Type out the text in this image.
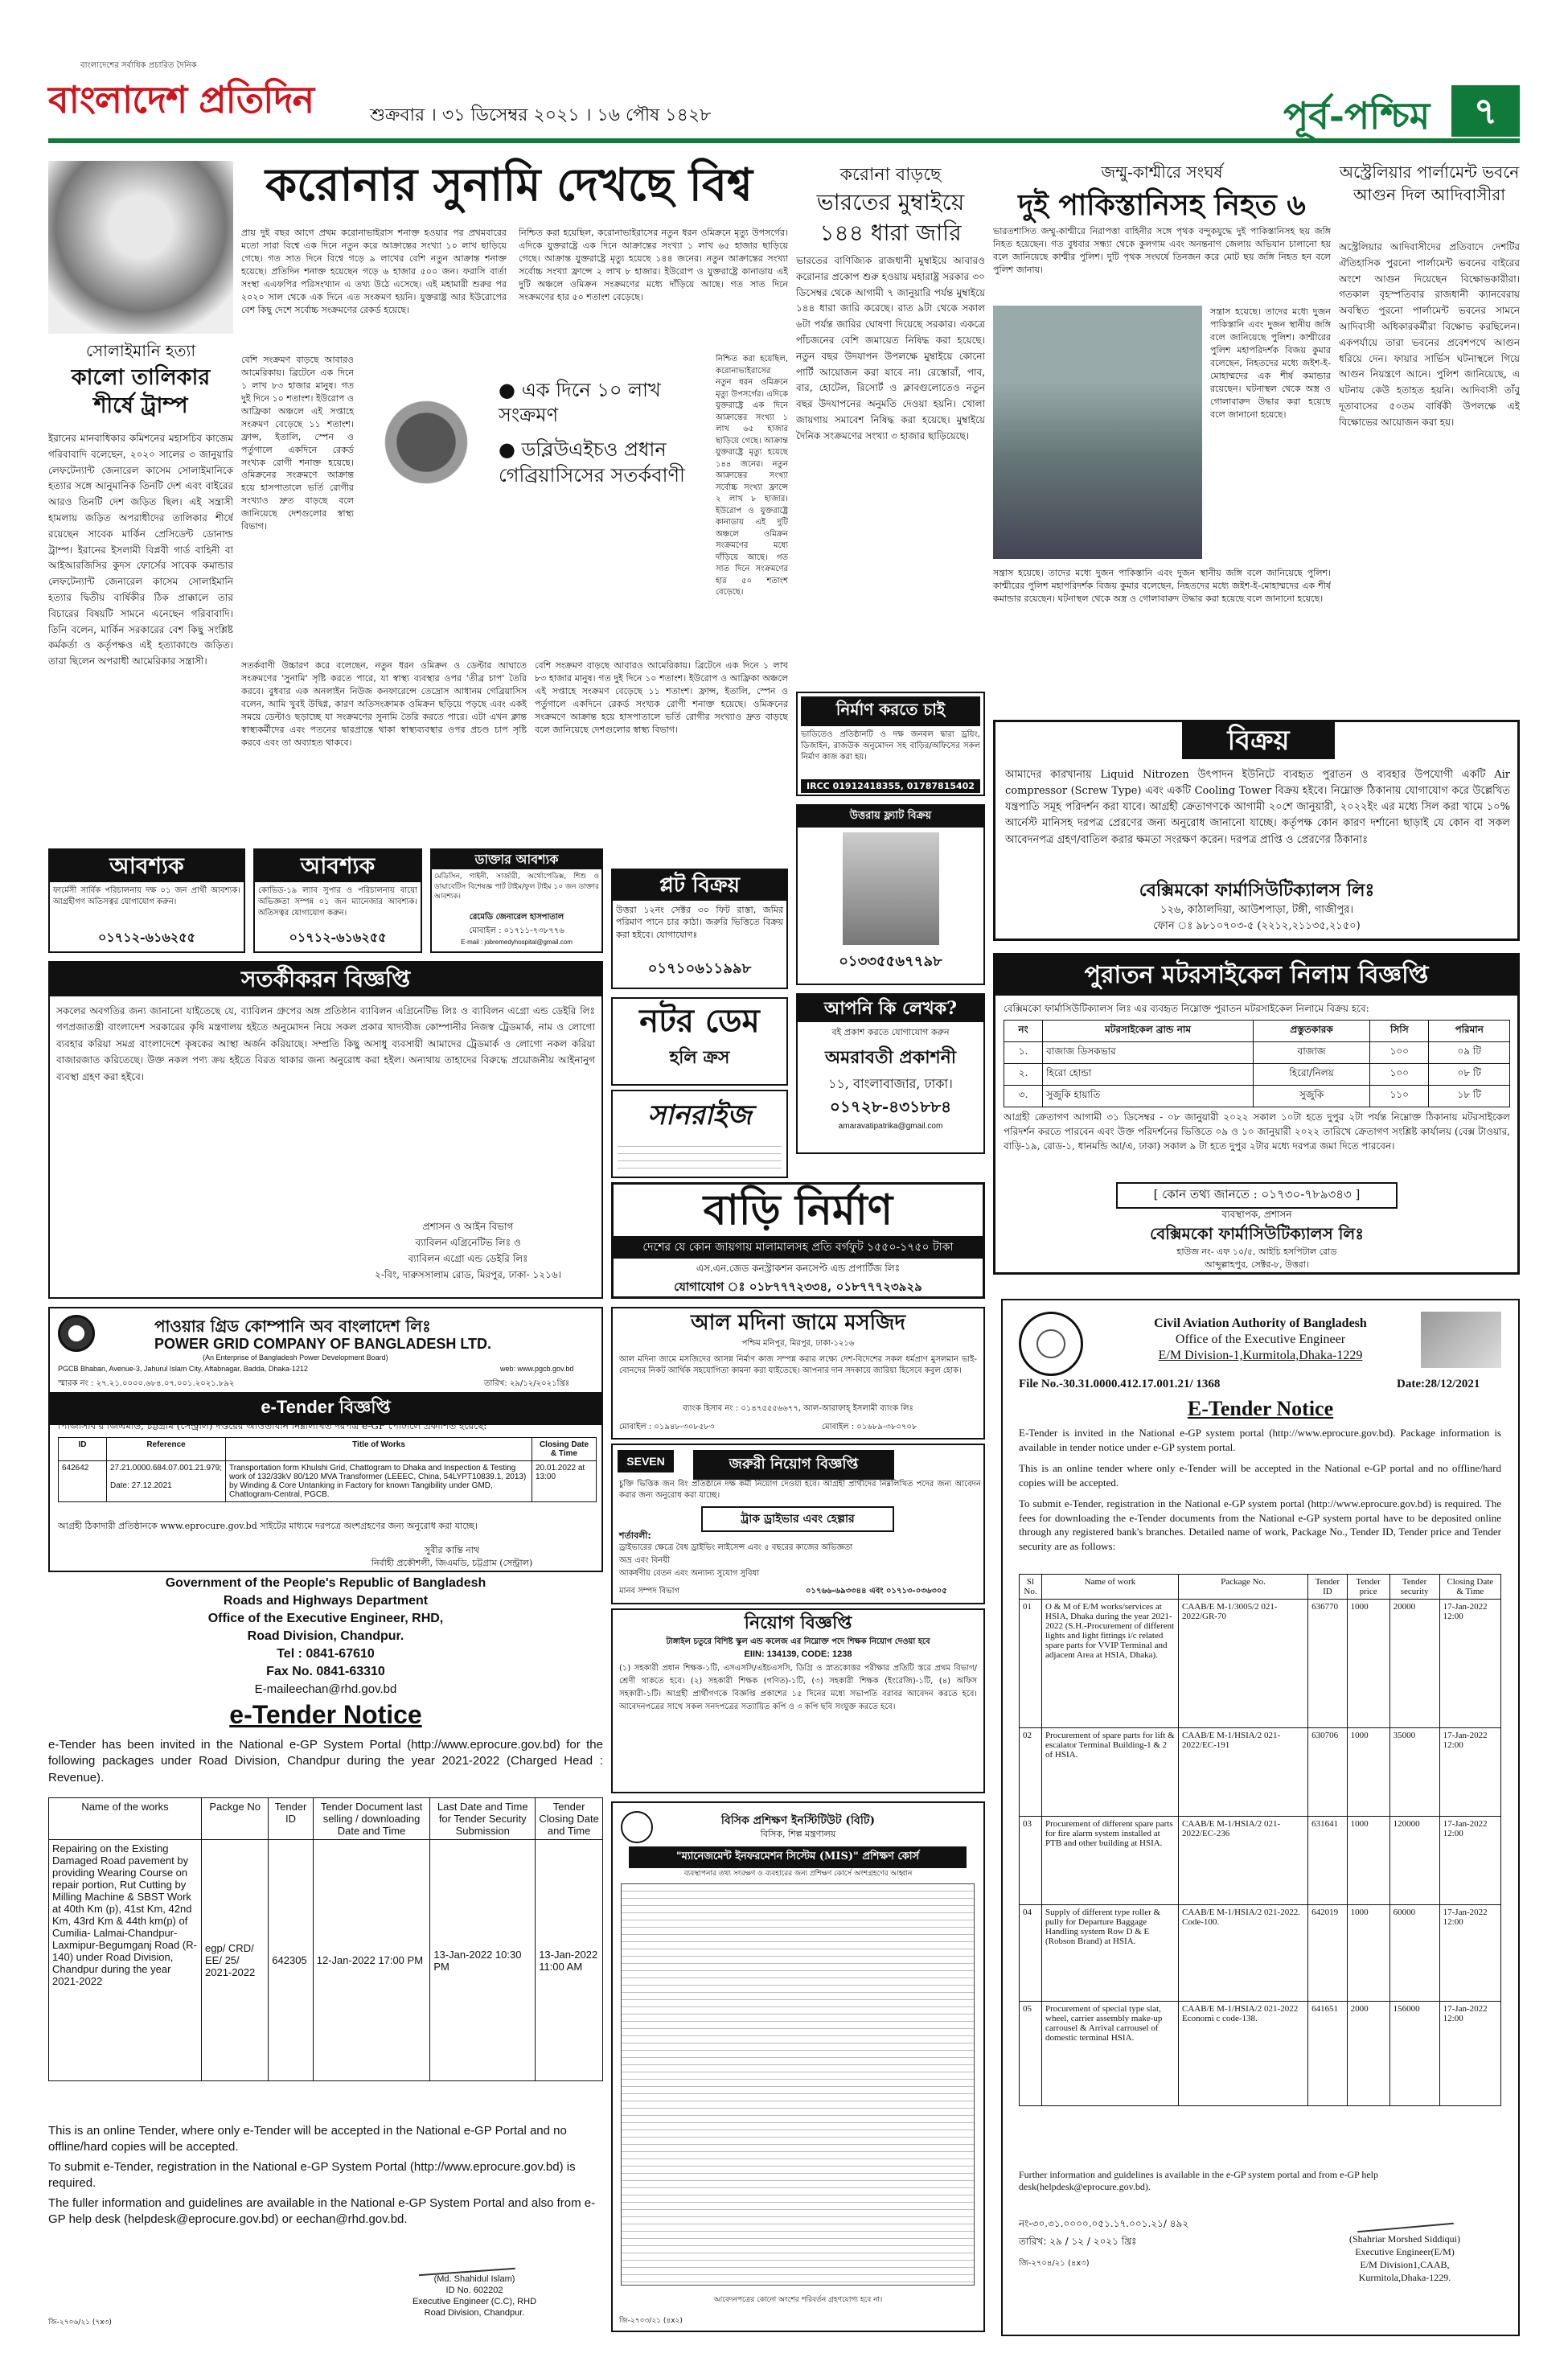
বাংলাদেশের সর্বাধিক প্রচারিত দৈনিক
বাংলাদেশ প্রতিদিন	শুক্রবার । ৩১ ডিসেম্বর ২০২১ । ১৬ পৌষ ১৪২৮	পূর্ব-পশ্চিম	৭
সোলাইমানি হত্যা
কালো তালিকার শীর্ষে ট্রাম্প
ইরানের মানবাধিকার কমিশনের মহাসচিব কাজেম গরিবাবাদি বলেছেন, ২০২০ সালের ৩ জানুয়ারি লেফটেন্যান্ট জেনারেল কাসেম সোলাইমানিকে হত্যার সঙ্গে আনুমানিক তিনটি দেশ এবং বাইরের আরও তিনটি দেশ জড়িত ছিল। এই সন্ত্রাসী হামলায় জড়িত অপরাধীদের তালিকার শীর্ষে রয়েছেন সাবেক মার্কিন প্রেসিডেন্ট ডোনাল্ড ট্রাম্প। ইরানের ইসলামী বিপ্লবী গার্ড বাহিনী বা আইআরজিসির কুদস ফোর্সের সাবেক কমান্ডার লেফটেন্যান্ট জেনারেল কাসেম সোলাইমানি হত্যার দ্বিতীয় বার্ষিকীর ঠিক প্রাক্কালে তার বিচারের বিষয়টি সামনে এনেছেন গরিবাবাদি। তিনি বলেন, মার্কিন সরকারের বেশ কিছু সংশ্লিষ্ট কর্মকর্তা ও কর্তৃপক্ষও এই হত্যাকাণ্ডে জড়িত। তারা ছিলেন অপরাধী আমেরিকার সন্ত্রাসী।
করোনার সুনামি দেখছে বিশ্ব
প্রায় দুই বছর আগে প্রথম করোনাভাইরাস শনাক্ত হওয়ার পর প্রথমবারের মতো সারা বিশ্বে এক দিনে নতুন করে আক্রান্তের সংখ্যা ১০ লাখ ছাড়িয়ে গেছে। গত সাত দিনে বিশ্বে গড়ে ৯ লাখের বেশি নতুন আক্রান্ত শনাক্ত হয়েছে। প্রতিদিন শনাক্ত হয়েছেন গড়ে ৬ হাজার ৫০০ জন। ফরাসি বার্তা সংস্থা এএফপির পরিসংখ্যান এ তথ্য উঠে এসেছে। এই মহামারী শুরুর পর ২০২০ সাল থেকে এক দিনে এত সংক্রমণ হয়নি। যুক্তরাষ্ট্র আর ইউরোপের বেশ কিছু দেশে সর্বোচ্চ সংক্রমণের রেকর্ড হয়েছে।
নিশ্চিত করা হয়েছিল, করোনাভাইরাসের নতুন ধরন ওমিক্রনে মৃত্যু উপসর্গের। এদিকে যুক্তরাষ্ট্রে এক দিনে আক্রান্তের সংখ্যা ১ লাখ ৬৫ হাজার ছাড়িয়ে গেছে। আক্রান্ত যুক্তরাষ্ট্রে মৃত্যু হয়েছে ১৪৪ জনের। নতুন আক্রান্তের সংখ্যা সর্বোচ্চ সংখ্যা ফ্রান্সে ২ লাখ ৮ হাজার। ইউরোপ ও যুক্তরাষ্ট্রে কানাডায় এই দুটি অঞ্চলে ওমিক্রন সংক্রমণের মধ্যে দাঁড়িয়ে আছে। গত সাত দিনে সংক্রমণের হার ৫০ শতাংশ বেড়েছে।
বেশি সংক্রমণ বাড়ছে আবারও আমেরিকায়। ব্রিটেনে এক দিনে ১ লাখ ৮৩ হাজার মানুষ। গত দুই দিনে ১০ শতাংশ। ইউরোপ ও আফ্রিকা অঞ্চলে এই সপ্তাহে সংক্রমণ বেড়েছে ১১ শতাংশ। ফ্রান্স, ইতালি, স্পেন ও পর্তুগালে একদিনে রেকর্ড সংখ্যক রোগী শনাক্ত হয়েছে। ওমিক্রনের সংক্রমণে আক্রান্ত হয়ে হাসপাতালে ভর্তি রোগীর সংখ্যাও দ্রুত বাড়ছে বলে জানিয়েছে দেশগুলোর স্বাস্থ্য বিভাগ।
● এক দিনে ১০ লাখ সংক্রমণ
● ডব্লিউএইচও প্রধান গেব্রিয়াসিসের সতর্কবাণী
নিশ্চিত করা হয়েছিল, করোনাভাইরাসের নতুন ধরন ওমিক্রনে মৃত্যু উপসর্গের। এদিকে যুক্তরাষ্ট্রে এক দিনে আক্রান্তের সংখ্যা ১ লাখ ৬৫ হাজার ছাড়িয়ে গেছে। আক্রান্ত যুক্তরাষ্ট্রে মৃত্যু হয়েছে ১৪৪ জনের। নতুন আক্রান্তের সংখ্যা সর্বোচ্চ সংখ্যা ফ্রান্সে ২ লাখ ৮ হাজার। ইউরোপ ও যুক্তরাষ্ট্রে কানাডায় এই দুটি অঞ্চলে ওমিক্রন সংক্রমণের মধ্যে দাঁড়িয়ে আছে। গত সাত দিনে সংক্রমণের হার ৫০ শতাংশ বেড়েছে।
সতর্কবাণী উচ্চারণ করে বলেছেন, নতুন ধরন ওমিক্রন ও ডেল্টার আঘাতে সংক্রমণের 'সুনামি' সৃষ্টি করতে পারে, যা স্বাস্থ্য ব্যবস্থার ওপর 'তীব্র চাপ' তৈরি করবে। বুধবার এক অনলাইন নিউজ কনফারেন্সে তেদ্রোস আধানম গেব্রিয়াসিস বলেন, আমি খুবই উদ্বিগ্ন, কারণ অতিসংক্রামক ওমিক্রন ছড়িয়ে পড়ছে এবং একই সময়ে ডেল্টাও ছড়াচ্ছে যা সংক্রমণের সুনামি তৈরি করতে পারে। এটা এখন ক্লান্ত স্বাস্থ্যকর্মীদের এবং পতনের দ্বারপ্রান্তে থাকা স্বাস্থ্যব্যবস্থার ওপর প্রচণ্ড চাপ সৃষ্টি করবে এবং তা অব্যাহত থাকবে।
বেশি সংক্রমণ বাড়ছে আবারও আমেরিকায়। ব্রিটেনে এক দিনে ১ লাখ ৮৩ হাজার মানুষ। গত দুই দিনে ১০ শতাংশ। ইউরোপ ও আফ্রিকা অঞ্চলে এই সপ্তাহে সংক্রমণ বেড়েছে ১১ শতাংশ। ফ্রান্স, ইতালি, স্পেন ও পর্তুগালে একদিনে রেকর্ড সংখ্যক রোগী শনাক্ত হয়েছে। ওমিক্রনের সংক্রমণে আক্রান্ত হয়ে হাসপাতালে ভর্তি রোগীর সংখ্যাও দ্রুত বাড়ছে বলে জানিয়েছে দেশগুলোর স্বাস্থ্য বিভাগ।
করোনা বাড়ছে
ভারতের মুম্বাইয়ে
১৪৪ ধারা জারি
ভারতের বাণিজ্যিক রাজধানী মুম্বাইয়ে আবারও করোনার প্রকোপ শুরু হওয়ায় মহারাষ্ট্র সরকার ৩০ ডিসেম্বর থেকে আগামী ৭ জানুয়ারি পর্যন্ত মুম্বাইয়ে ১৪৪ ধারা জারি করেছে। রাত ৯টা থেকে সকাল ৬টা পর্যন্ত জারির ঘোষণা দিয়েছে সরকার। একত্রে পাঁচজনের বেশি জমায়েত নিষিদ্ধ করা হয়েছে। নতুন বছর উদযাপন উপলক্ষে মুম্বাইয়ে কোনো পার্টি আয়োজন করা যাবে না। রেস্তোরাঁ, পাব, বার, হোটেল, রিসোর্ট ও ক্লাবগুলোতেও নতুন বছর উদযাপনের অনুমতি দেওয়া হয়নি। খোলা জায়গায় সমাবেশ নিষিদ্ধ করা হয়েছে। মুম্বাইয়ে দৈনিক সংক্রমণের সংখ্যা ৩ হাজার ছাড়িয়েছে।
নির্মাণ করতে চাই
ভাডিতেও প্রতিষ্ঠানটি ও দক্ষ জনবল দ্বারা ড্রয়িং, ডিজাইন, রাজউক অনুমোদন সহ বাড়ির/অফিসের সকল নির্মাণ কাজ করা হয়।
IRCC 01912418355, 01787815402
জম্মু-কাশ্মীরে সংঘর্ষ
দুই পাকিস্তানিসহ নিহত ৬
ভারতশাসিত জম্মু-কাশ্মীরে নিরাপত্তা বাহিনীর সঙ্গে পৃথক বন্দুকযুদ্ধে দুই পাকিস্তানিসহ ছয় জঙ্গি নিহত হয়েছেন। গত বুধবার সন্ধ্যা থেকে কুলগাম এবং অনন্তনাগ জেলায় অভিযান চালানো হয় বলে জানিয়েছে কাশ্মীর পুলিশ। দুটি পৃথক সংঘর্ষে তিনজন করে মোট ছয় জঙ্গি নিহত হন বলে পুলিশ জানায়।
সন্ত্রাস হয়েছে। তাদের মধ্যে দুজন পাকিস্তানি এবং দুজন স্থানীয় জঙ্গি বলে জানিয়েছে পুলিশ। কাশ্মীরের পুলিশ মহাপরিদর্শক বিজয় কুমার বলেছেন, নিহতদের মধ্যে জইশ-ই-মোহাম্মদের এক শীর্ষ কমান্ডার রয়েছেন। ঘটনাস্থল থেকে অস্ত্র ও গোলাবারুদ উদ্ধার করা হয়েছে বলে জানানো হয়েছে।
সন্ত্রাস হয়েছে। তাদের মধ্যে দুজন পাকিস্তানি এবং দুজন স্থানীয় জঙ্গি বলে জানিয়েছে পুলিশ। কাশ্মীরের পুলিশ মহাপরিদর্শক বিজয় কুমার বলেছেন, নিহতদের মধ্যে জইশ-ই-মোহাম্মদের এক শীর্ষ কমান্ডার রয়েছেন। ঘটনাস্থল থেকে অস্ত্র ও গোলাবারুদ উদ্ধার করা হয়েছে বলে জানানো হয়েছে।
অস্ট্রেলিয়ার পার্লামেন্ট ভবনে আগুন দিল আদিবাসীরা
অস্ট্রেলিয়ার আদিবাসীদের প্রতিবাদে দেশটির ঐতিহাসিক পুরনো পার্লামেন্ট ভবনের বাইরের অংশে আগুন দিয়েছেন বিক্ষোভকারীরা। গতকাল বৃহস্পতিবার রাজধানী ক্যানবেরায় অবস্থিত পুরনো পার্লামেন্ট ভবনের সামনে আদিবাসী অধিকারকর্মীরা বিক্ষোভ করছিলেন। একপর্যায়ে তারা ভবনের প্রবেশপথে আগুন ধরিয়ে দেন। ফায়ার সার্ভিস ঘটনাস্থলে গিয়ে আগুন নিয়ন্ত্রণে আনে। পুলিশ জানিয়েছে, এ ঘটনায় কেউ হতাহত হয়নি। আদিবাসী তাঁবু দূতাবাসের ৫০তম বার্ষিকী উপলক্ষে এই বিক্ষোভের আয়োজন করা হয়।
বিক্রয়
আমাদের কারখানায় Liquid Nitrozen উৎপাদন ইউনিটে ব্যবহৃত পুরাতন ও ব্যবহার উপযোগী একটি Air compressor (Screw Type) এবং একটি Cooling Tower বিক্রয় হইবে। নিম্নোক্ত ঠিকানায় যোগাযোগ করে উল্লেখিত যন্ত্রপাতি সমূহ পরিদর্শন করা যাবে। আগ্রহী ক্রেতাগণকে আগামী ২০শে জানুয়ারী, ২০২২ইং এর মধ্যে সিল করা খামে ১০% আর্নেস্ট মানিসহ দরপত্র প্রেরণের জন্য অনুরোধ জানানো যাচ্ছে। কর্তৃপক্ষ কোন কারণ দর্শানো ছাড়াই যে কোন বা সকল আবেদনপত্র গ্রহণ/বাতিল করার ক্ষমতা সংরক্ষণ করেন। দরপত্র প্রাপ্তি ও প্রেরণের ঠিকানাঃ
বেক্সিমকো ফার্মাসিউটিক্যালস লিঃ
১২৬, কাঠালদিয়া, আউশপাড়া, টঙ্গী, গাজীপুর।
ফোন ঃ ৯৮১০৭০৩-৫ (২২১২,২১১৩৫,২১৫০)
পুরাতন মটরসাইকেল নিলাম বিজ্ঞপ্তি
বেক্সিমকো ফার্মাসিউটিক্যালস লিঃ এর ব্যবহৃত নিম্নোক্ত পুরাতন মটরসাইকেল নিলামে বিক্রয় হবে:
নং	মটরসাইকেল ব্রান্ড নাম	প্রস্তুতকারক	সিসি	পরিমান
১.	বাজাজ ডিসকভার	বাজাজ	১০০	০৯ টি
২.	হিরো হোন্ডা	হিরো/নিলয়	১০০	০৮ টি
৩.	সুজুকি হায়াতি	সুজুকি	১১০	১৮ টি
আগ্রহী ক্রেতাগণ আগামী ৩১ ডিসেম্বর - ০৮ জানুয়ারী ২০২২ সকাল ১০টা হতে দুপুর ২টা পর্যন্ত নিম্নোক্ত ঠিকানায় মটরসাইকেল পরিদর্শন করতে পারবেন এবং উক্ত পরিদর্শনের ভিত্তিতে ০৯ ও ১০ জানুয়ারী ২০২২ তারিখে ক্রেতাগণ সংশ্লিষ্ট কার্যালয় (বেক্স টাওয়ার, বাড়ি-১৯, রোড-১, ধানমন্ডি আ/এ, ঢাকা) সকাল ৯ টা হতে দুপুর ২টার মধ্যে দরপত্র জমা দিতে পারবেন।
[ কোন তথ্য জানতে : ০১৭৩০-৭৮৯৩৪৩ ]
ব্যবস্থাপক, প্রশাসন
বেক্সিমকো ফার্মাসিউটিক্যালস লিঃ
হাউজ নং- এফ ১০/৫, আইচি হসপিটাল রোড
আব্দুল্লাহপুর, সেক্টর-৮, উত্তরা।
আবশ্যক
ফার্মেসী সার্বিক পরিচালনায় দক্ষ ০১ জন প্রার্থী আবশ্যক। আগ্রহীগণ অতিসত্বর যোগাযোগ করুন।
০১৭১২-৬১৬২৫৫
আবশ্যক
কোভিড-১৯ ল্যাব সুপার ও পরিচালনায় বায়ো অভিজ্ঞতা সম্পন্ন ০১ জন ম্যানেজার আবশ্যক। অতিসত্বর যোগাযোগ করুন।
০১৭১২-৬১৬২৫৫
ডাক্তার আবশ্যক
মেডিসিন, গাইনী, সার্জারী, অর্থোপেডিক্স, শিশু ও ডায়াবেটিস বিশেষজ্ঞ পার্ট টাইম/ফুল টাইম ১০ জন ডাক্তার আবশ্যক।
রেমেডি জেনারেল হাসপাতাল
মোবাইল : ০১৭১১-৭৩৮৭৭৬
E-mail : jobremedyhospital@gmail.com
প্লট বিক্রয়
উত্তরা ১২নং সেক্টর ৩০ ফিট রাস্তা, জমির পরিমাণ পানে চার কাঠা। জরুরি ভিত্তিতে বিক্রয় করা হইবে। যোগাযোগঃ
০১৭১০৬১১৯৯৮
উত্তরায় ফ্ল্যাট বিক্রয়
০১৩৩৫৫৬৭৭৯৮
সতর্কীকরন বিজ্ঞপ্তি
সকলের অবগতির জন্য জানানো যাইতেছে যে, ব্যাবিলন গ্রুপের অঙ্গ প্রতিষ্ঠান ব্যাবিলন এগ্রিনেটিভ লিঃ ও ব্যাবিলন এগ্রো এন্ড ডেইরি লিঃ গণপ্রজাতন্ত্রী বাংলাদেশ সরকারের কৃষি মন্ত্রণালয় হইতে অনুমোদন নিয়ে সকল প্রকার খাদ্যবীজ কোম্পানীর নিজস্ব ট্রেডমার্ক, নাম ও লোগো ব্যবহার করিয়া সমগ্র বাংলাদেশে কৃষকের আস্থা অর্জন করিয়াছে। সম্প্রতি কিছু অসাধু ব্যবসায়ী আমাদের ট্রেডমার্ক ও লোগো নকল করিয়া বাজারজাত করিতেছে। উক্ত নকল পণ্য ক্রয় হইতে বিরত থাকার জন্য অনুরোধ করা হইল। অন্যথায় তাহাদের বিরুদ্ধে প্রয়োজনীয় আইনানুগ ব্যবস্থা গ্রহণ করা হইবে।
প্রশাসন ও আইন বিভাগ
ব্যাবিলন এগ্রিনেটিভ লিঃ ও
ব্যাবিলন এগ্রো এন্ড ডেইরি লিঃ
২-বিং, দারুসসালাম রোড, মিরপুর, ঢাকা- ১২১৬।
নটর ডেম
হলি ক্রস
সানরাইজ
আপনি কি লেখক?
বই প্রকাশ করতে যোগাযোগ করুন
অমরাবতী প্রকাশনী
১১, বাংলাবাজার, ঢাকা।
০১৭২৮-৪৩১৮৮৪
amaravatipatrika@gmail.com
বাড়ি নির্মাণ
দেশের যে কোন জায়গায় মালামালসহ প্রতি বর্গফুট ১৫৫০-১৭৫০ টাকা
এস.এন.জেড কনস্ট্রাকশন কনসেপ্ট এন্ড প্রপার্টিজ লিঃ
যোগাযোগ ঃ ০১৮৭৭৭২৩৩৪, ০১৮৭৭৭২৩৯২৯
পাওয়ার গ্রিড কোম্পানি অব বাংলাদেশ লিঃ
POWER GRID COMPANY OF BANGLADESH LTD.
(An Enterprise of Bangladesh Power Development Board)
PGCB Bhaban, Avenue-3, Jahurul Islam City, Aftabnagar, Badda, Dhaka-1212	web: www.pgcb.gov.bd
স্মারক নং : ২৭.২১.০০০০.৬৮৪.০৭.০০১.২০২১.৮৯২	তারিখ: ২৯/১২/২০২১খ্রিঃ
e-Tender বিজ্ঞপ্তি
পিজিসিবি'র জিএমডি, চট্টগ্রাম (সেন্ট্রাল) দপ্তরের আওতাধীন নিম্নলিখিত দরপত্র e-GP পোর্টালে প্রকাশিত হয়েছে:
ID	Reference	Title of Works	Closing Date & Time
642642	27.21.0000.684.07.001.21.979;

Date: 27.12.2021	Transportation form Khulshi Grid, Chattogram to Dhaka and Inspection & Testing work of 132/33kV 80/120 MVA Transformer (LEEEC, China, 54LYPT10839.1, 2013) by Winding & Core Untanking in Factory for known Tangibility under GMD, Chattogram-Central, PGCB.	20.01.2022 at 13:00
আগ্রহী ঠিকাদারী প্রতিষ্ঠানকে www.eprocure.gov.bd সাইটের মাধ্যমে দরপত্রে অংশগ্রহণের জন্য অনুরোধ করা যাচ্ছে।
সুবীর কান্তি নাথ
নির্বাহী প্রকৌশলী, জিএমডি, চট্টগ্রাম (সেন্ট্রাল)
আল মদিনা জামে মসজিদ
পশ্চিম মনিপুর, মিরপুর, ঢাকা-১২১৬
আল মদিনা জামে মসজিদের আসন্ন নির্মাণ কাজ সম্পন্ন করার লক্ষ্যে দেশ-বিদেশের সকল ধর্মপ্রাণ মুসলমান ভাই-বোনদের নিকট আর্থিক সহযোগিতা কামনা করা যাইতেছে। আপনার দান সদকায়ে জারিয়া হিসেবে কবুল হোক।
ব্যাংক হিসাব নং : ০১৪৭৫৫৫৬৬৭৭, আল-আরাফাহ্ ইসলামী ব্যাংক লিঃ
মোবাইল : ০১৯৪৮-৩০৮৫৮৩	মোবাইল : ০১৬৮৯-৩৮০৭০৮
SEVEN	জরুরী নিয়োগ বিজ্ঞপ্তি
চুক্তি ভিত্তিক জন বিং প্রতিষ্ঠানে দক্ষ কর্মী নিয়োগ দেওয়া হবে। আগ্রহী প্রার্থীদের নিম্নলিখিত পদের জন্য আবেদন করার জন্য অনুরোধ করা যাচ্ছে।
ট্রাক ড্রাইভার এবং হেল্পার
শর্তাবলী:
ড্রাইভারের ক্ষেত্রে বৈধ ড্রাইভিং লাইসেন্স এবং ৫ বছরের কাজের অভিজ্ঞতা
অভ্র এবং বিনয়ী
আকর্ষণীয় বেতন এবং অন্যান্য সুযোগ সুবিধা
মানব সম্পদ বিভাগ	০১৭৬৬-৬৯৩৩৪৪ এবং ০১৭১৩-০৩৬৩০৫
নিয়োগ বিজ্ঞপ্তি
টাঙ্গাইল চতুরে বিশিষ্ট স্কুল এন্ড কলেজ এর নিম্নোক্ত পদে শিক্ষক নিয়োগ দেওয়া হবে
EIIN: 134139, CODE: 1238
(১) সহকারী প্রধান শিক্ষক-১টি, এসএসসি/এইচএসসি, ডিগ্রি ও স্নাতকোত্তর পরীক্ষার প্রতিটি স্তরে প্রথম বিভাগ/শ্রেণী থাকতে হবে। (২) সহকারী শিক্ষক (গণিত)-১টি, (৩) সহকারী শিক্ষক (ইংরেজি)-১টি, (৪) অফিস সহকারী-১টি। আগ্রহী প্রার্থীগণকে বিজ্ঞপ্তি প্রকাশের ১৫ দিনের মধ্যে সভাপতি বরাবর আবেদন করতে হবে। আবেদনপত্রের সাথে সকল সনদপত্রের সত্যায়িত কপি ও ৩ কপি ছবি সংযুক্ত করতে হবে।
বিসিক প্রশিক্ষণ ইনস্টিটিউট (বিটি)
বিসিক, শিল্প মন্ত্রণালয়
"ম্যানেজমেন্ট ইনফরমেশন সিস্টেম (MIS)" প্রশিক্ষণ কোর্স
ব্যবস্থাপনার তথ্য সংরক্ষণ ও ব্যবহারের জন্য প্রশিক্ষণ কোর্সে অংশগ্রহণের আহ্বান
আবেদনপত্রের কোনো অংশের পরিবর্তন গ্রহণযোগ্য হবে না।
জি-২৭০৩/২১ (৪x২)
Government of the People's Republic of Bangladesh
Roads and Highways Department
Office of the Executive Engineer, RHD,
Road Division, Chandpur.
Tel : 0841-67610
Fax No. 0841-63310
E-maileechan@rhd.gov.bd
e-Tender Notice
e-Tender has been invited in the National e-GP System Portal (http://www.eprocure.gov.bd) for the following packages under Road Division, Chandpur during the year 2021-2022 (Charged Head : Revenue).
Name of the works	Packge No	Tender ID	Tender Document last selling / downloading Date and Time	Last Date and Time for Tender Security Submission	Tender Closing Date and Time
Repairing on the Existing Damaged Road pavement by providing Wearing Course on repair portion, Rut Cutting by Milling Machine & SBST Work at 40th Km (p), 41st Km, 42nd Km, 43rd Km & 44th km(p) of Cumilia- Lalmai-Chandpur-Laxmipur-Begumganj Road (R-140) under Road Division, Chandpur during the year 2021-2022	egp/ CRD/ EE/ 25/ 2021-2022	642305	12-Jan-2022 17:00 PM	13-Jan-2022 10:30 PM	13-Jan-2022 11:00 AM
This is an online Tender, where only e-Tender will be accepted in the National e-GP Portal and no offline/hard copies will be accepted.
To submit e-Tender, registration in the National e-GP System Portal (http://www.eprocure.gov.bd) is required.
The fuller information and guidelines are available in the National e-GP System Portal and also from e-GP help desk (helpdesk@eprocure.gov.bd) or eechan@rhd.gov.bd.
(Md. Shahidul Islam)
ID No. 602202
Executive Engineer (C.C), RHD
Road Division, Chandpur.
জি-২৭০৬/২১ (৭x৩)
Civil Aviation Authority of Bangladesh
Office of the Executive Engineer
E/M Division-1,Kurmitola,Dhaka-1229
File No.-30.31.0000.412.17.001.21/ 1368	Date:28/12/2021
E-Tender Notice
E-Tender is invited in the National e-GP system portal (http://www.eprocure.gov.bd). Package information is available in tender notice under e-GP system portal.
This is an online tender where only e-Tender will be accepted in the National e-GP portal and no offline/hard copies will be accepted.
To submit e-Tender, registration in the National e-GP system portal (http://www.eprocure.gov.bd) is required. The fees for downloading the e-Tender documents from the National e-GP system portal have to be deposited online through any registered bank's branches. Detailed name of work, Package No., Tender ID, Tender price and Tender security are as follows:
Sl No.	Name of work	Package No.	Tender ID	Tender price	Tender security	Closing Date & Time
01	O & M of E/M works/services at HSIA, Dhaka during the year 2021-2022 (S.H.-Procurement of different lights and light fittings i/c related spare parts for VVIP Terminal and adjacent Area at HSIA, Dhaka).	CAAB/E M-1/3005/2 021-2022/GR-70	636770	1000	20000	17-Jan-2022 12:00
02	Procurement of spare parts for lift & escalator Terminal Building-1 & 2 of HSIA.	CAAB/E M-1/HSIA/2 021-2022/EC-191	630706	1000	35000	17-Jan-2022 12:00
03	Procurement of different spare parts for fire alarm system installed at PTB and other building at HSIA.	CAAB/E M-1/HSIA/2 021-2022/EC-236	631641	1000	120000	17-Jan-2022 12:00
04	Supply of different type roller & pully for Departure Baggage Handling system Row D & E (Robson Brand) at HSIA.	CAAB/E M-1/HSIA/2 021-2022. Code-100.	642019	1000	60000	17-Jan-2022 12:00
05	Procurement of special type slat, wheel, carrier assembly make-up carrousel & Arrival carrousel of domestic terminal HSIA.	CAAB/E M-1/HSIA/2 021-2022 Economi c code-138.	641651	2000	156000	17-Jan-2022 12:00
Further information and guidelines is available in the e-GP system portal and from e-GP help desk(helpdesk@eprocure.gov.bd).
নং-৩০.৩১.০০০০.০৫১.১৭.০০১.২১/ ৪৯২
তারিখ: ২৯ / ১২ / ২০২১ খ্রিঃ	(Shahriar Morshed Siddiqui)
Executive Engineer(E/M)
E/M Division1,CAAB,
Kurmitola,Dhaka-1229.
জি-২৭০৪/২১ (৪x৩)
